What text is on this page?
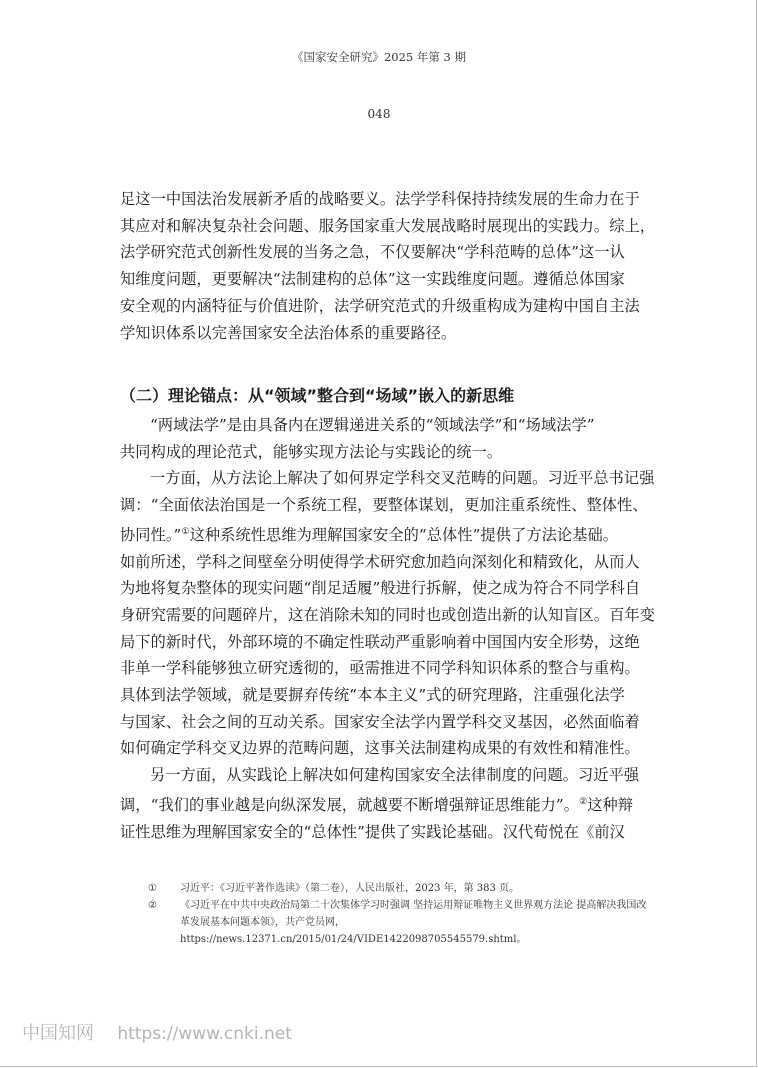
《国家安全研究》2025 年第 3 期
048

足这一中国法治发展新矛盾的战略要义。法学学科保持持续发展的生命力在于
其应对和解决复杂社会问题、服务国家重大发展战略时展现出的实践力。综上，
法学研究范式创新性发展的当务之急，不仅要解决“学科范畴的总体”这一认
知维度问题，更要解决“法制建构的总体”这一实践维度问题。遵循总体国家
安全观的内涵特征与价值进阶，法学研究范式的升级重构成为建构中国自主法
学知识体系以完善国家安全法治体系的重要路径。

（二）理论锚点：从“领域”整合到“场域”嵌入的新思维

“两域法学”是由具备内在逻辑递进关系的“领域法学”和“场域法学”
共同构成的理论范式，能够实现方法论与实践论的统一。

一方面，从方法论上解决了如何界定学科交叉范畴的问题。习近平总书记强
调：“全面依法治国是一个系统工程，要整体谋划，更加注重系统性、整体性、
协同性。”①这种系统性思维为理解国家安全的“总体性”提供了方法论基础。
如前所述，学科之间壁垒分明使得学术研究愈加趋向深刻化和精致化，从而人
为地将复杂整体的现实问题“削足适履”般进行拆解，使之成为符合不同学科自
身研究需要的问题碎片，这在消除未知的同时也或创造出新的认知盲区。百年变
局下的新时代，外部环境的不确定性联动严重影响着中国国内安全形势，这绝
非单一学科能够独立研究透彻的，亟需推进不同学科知识体系的整合与重构。
具体到法学领域，就是要摒弃传统“本本主义”式的研究理路，注重强化法学
与国家、社会之间的互动关系。国家安全法学内置学科交叉基因，必然面临着
如何确定学科交叉边界的范畴问题，这事关法制建构成果的有效性和精准性。

另一方面，从实践论上解决如何建构国家安全法律制度的问题。习近平强
调，“我们的事业越是向纵深发展，就越要不断增强辩证思维能力”。②这种辩
证性思维为理解国家安全的“总体性”提供了实践论基础。汉代荀悦在《前汉

①	习近平：《习近平著作选读》（第二卷），人民出版社，2023 年，第 383 页。
②	《习近平在中共中央政治局第二十次集体学习时强调 坚持运用辩证唯物主义世界观方法论 提高解决我国改革发展基本问题本领》，共产党员网，https://news.12371.cn/2015/01/24/VIDE1422098705545579.shtml。
中国知网 https://www.cnki.net
